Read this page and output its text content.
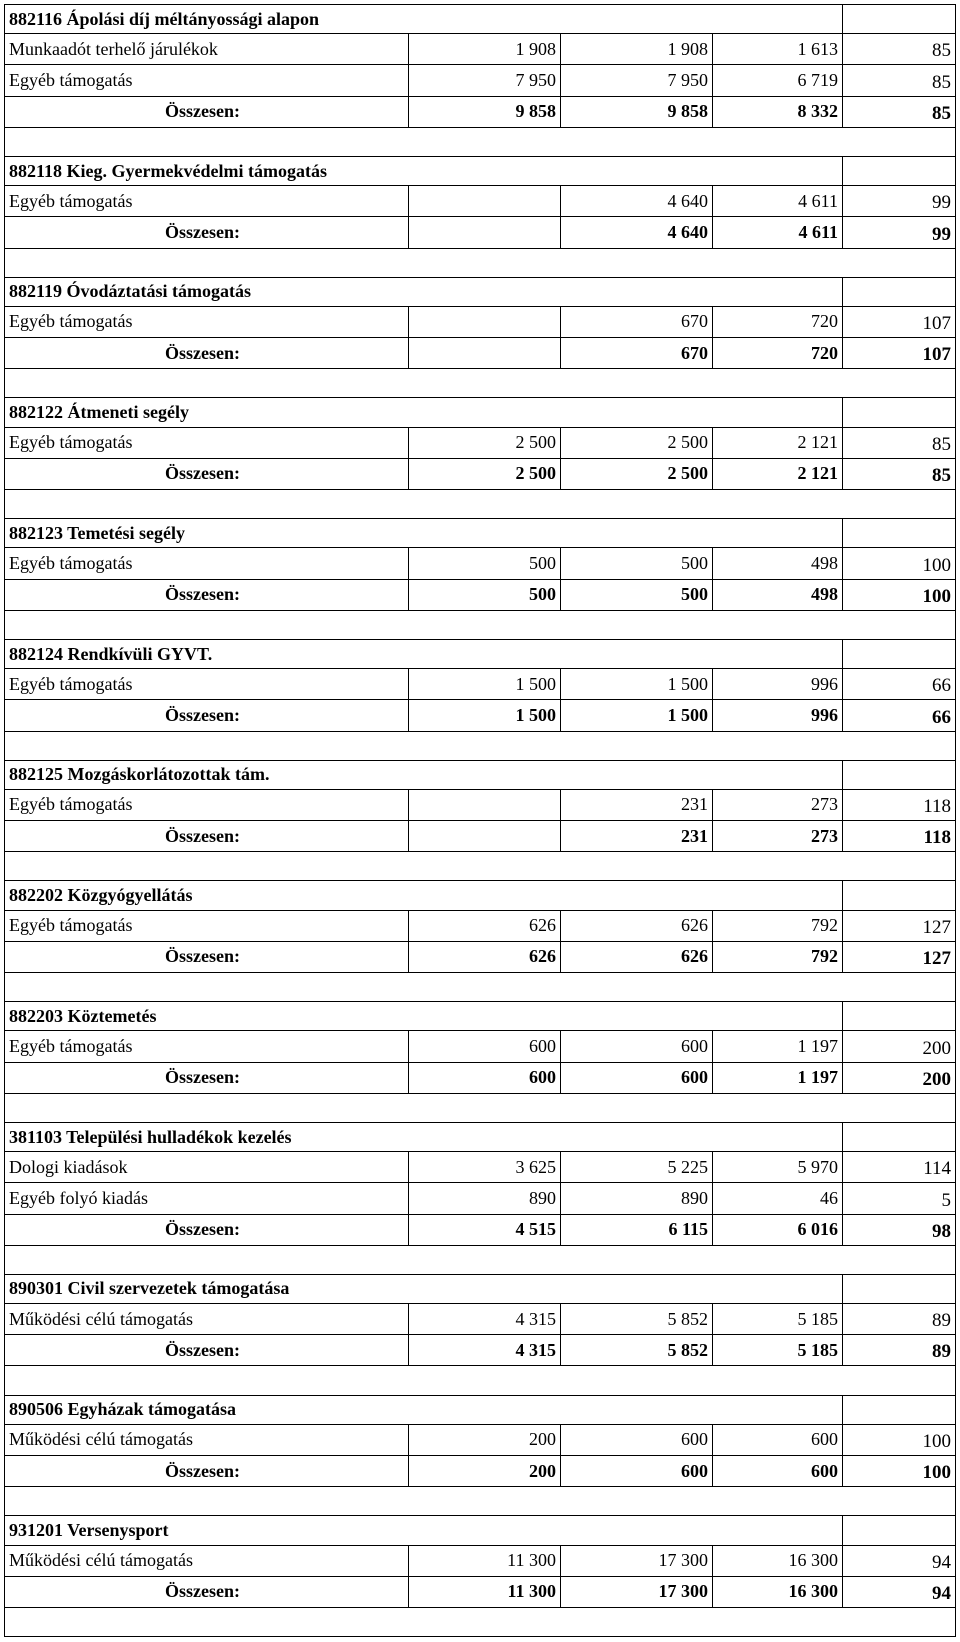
882116 Ápolási díj méltányossági alapon				
Munkaadót terhelő járulékok	1 908	1 908	1 613	85
Egyéb támogatás	7 950	7 950	6 719	85
Összesen:	9 858	9 858	8 332	85

882118 Kieg. Gyermekvédelmi támogatás				
Egyéb támogatás		4 640	4 611	99
Összesen:		4 640	4 611	99

882119 Óvodáztatási támogatás				
Egyéb támogatás		670	720	107
Összesen:		670	720	107

882122 Átmeneti segély				
Egyéb támogatás	2 500	2 500	2 121	85
Összesen:	2 500	2 500	2 121	85

882123 Temetési segély				
Egyéb támogatás	500	500	498	100
Összesen:	500	500	498	100

882124 Rendkívüli GYVT.				
Egyéb támogatás	1 500	1 500	996	66
Összesen:	1 500	1 500	996	66

882125 Mozgáskorlátozottak tám.				
Egyéb támogatás		231	273	118
Összesen:		231	273	118

882202 Közgyógyellátás				
Egyéb támogatás	626	626	792	127
Összesen:	626	626	792	127

882203 Köztemetés				
Egyéb támogatás	600	600	1 197	200
Összesen:	600	600	1 197	200

381103 Települési hulladékok kezelés				
Dologi kiadások	3 625	5 225	5 970	114
Egyéb folyó kiadás	890	890	46	5
Összesen:	4 515	6 115	6 016	98

890301 Civil szervezetek támogatása				
Működési célú támogatás	4 315	5 852	5 185	89
Összesen:	4 315	5 852	5 185	89

890506 Egyházak támogatása				
Működési célú támogatás	200	600	600	100
Összesen:	200	600	600	100

931201 Versenysport				
Működési célú támogatás	11 300	17 300	16 300	94
Összesen:	11 300	17 300	16 300	94
